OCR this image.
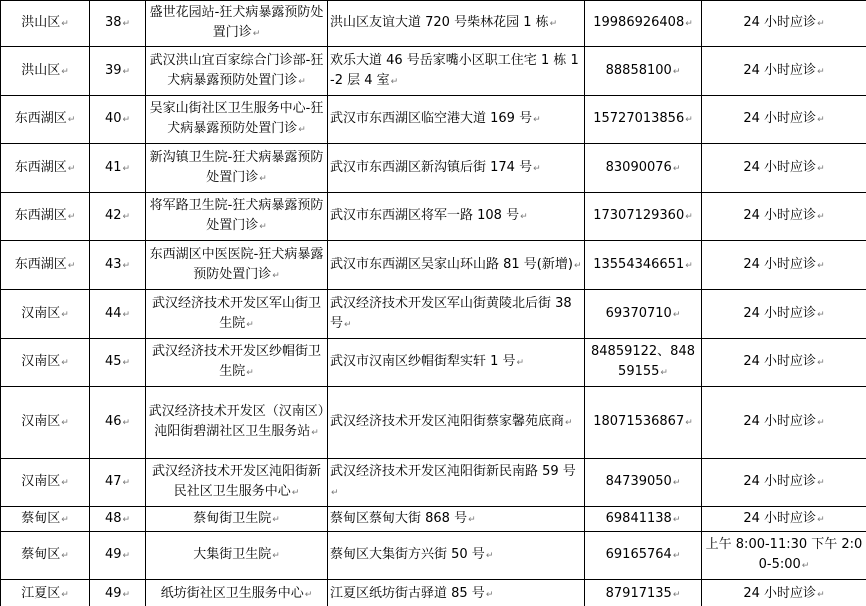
洪山区↵	38↵	盛世花园站-狂犬病暴露预防处置门诊↵	洪山区友谊大道 720 号柴林花园 1 栋↵	19986926408↵	24 小时应诊↵
洪山区↵	39↵	武汉洪山宜百家综合门诊部-狂犬病暴露预防处置门诊↵	欢乐大道 46 号岳家嘴小区职工住宅 1 栋 1-2 层 4 室↵	88858100↵	24 小时应诊↵
东西湖区↵	40↵	吴家山街社区卫生服务中心-狂犬病暴露预防处置门诊↵	武汉市东西湖区临空港大道 169 号↵	15727013856↵	24 小时应诊↵
东西湖区↵	41↵	新沟镇卫生院-狂犬病暴露预防处置门诊↵	武汉市东西湖区新沟镇后街 174 号↵	83090076↵	24 小时应诊↵
东西湖区↵	42↵	将军路卫生院-狂犬病暴露预防处置门诊↵	武汉市东西湖区将军一路 108 号↵	17307129360↵	24 小时应诊↵
东西湖区↵	43↵	东西湖区中医医院-狂犬病暴露预防处置门诊↵	武汉市东西湖区吴家山环山路 81 号(新增)↵	13554346651↵	24 小时应诊↵
汉南区↵	44↵	武汉经济技术开发区军山街卫生院↵	武汉经济技术开发区军山街黄陵北后街 38 号↵	69370710↵	24 小时应诊↵
汉南区↵	45↵	武汉经济技术开发区纱帽街卫生院↵	武汉市汉南区纱帽街犁实轩 1 号↵	84859122、84859155↵	24 小时应诊↵
汉南区↵	46↵	武汉经济技术开发区（汉南区）沌阳街碧湖社区卫生服务站↵	武汉经济技术开发区沌阳街蔡家馨苑底商↵	18071536867↵	24 小时应诊↵
汉南区↵	47↵	武汉经济技术开发区沌阳街新民社区卫生服务中心↵	武汉经济技术开发区沌阳街新民南路 59 号↵	84739050↵	24 小时应诊↵
蔡甸区↵	48↵	蔡甸街卫生院↵	蔡甸区蔡甸大街 868 号↵	69841138↵	24 小时应诊↵
蔡甸区↵	49↵	大集街卫生院↵	蔡甸区大集街方兴街 50 号↵	69165764↵	上午 8:00-11:30 下午 2:00-5:00↵
江夏区↵	49↵	纸坊街社区卫生服务中心↵	江夏区纸坊街古驿道 85 号↵	87917135↵	24 小时应诊↵
